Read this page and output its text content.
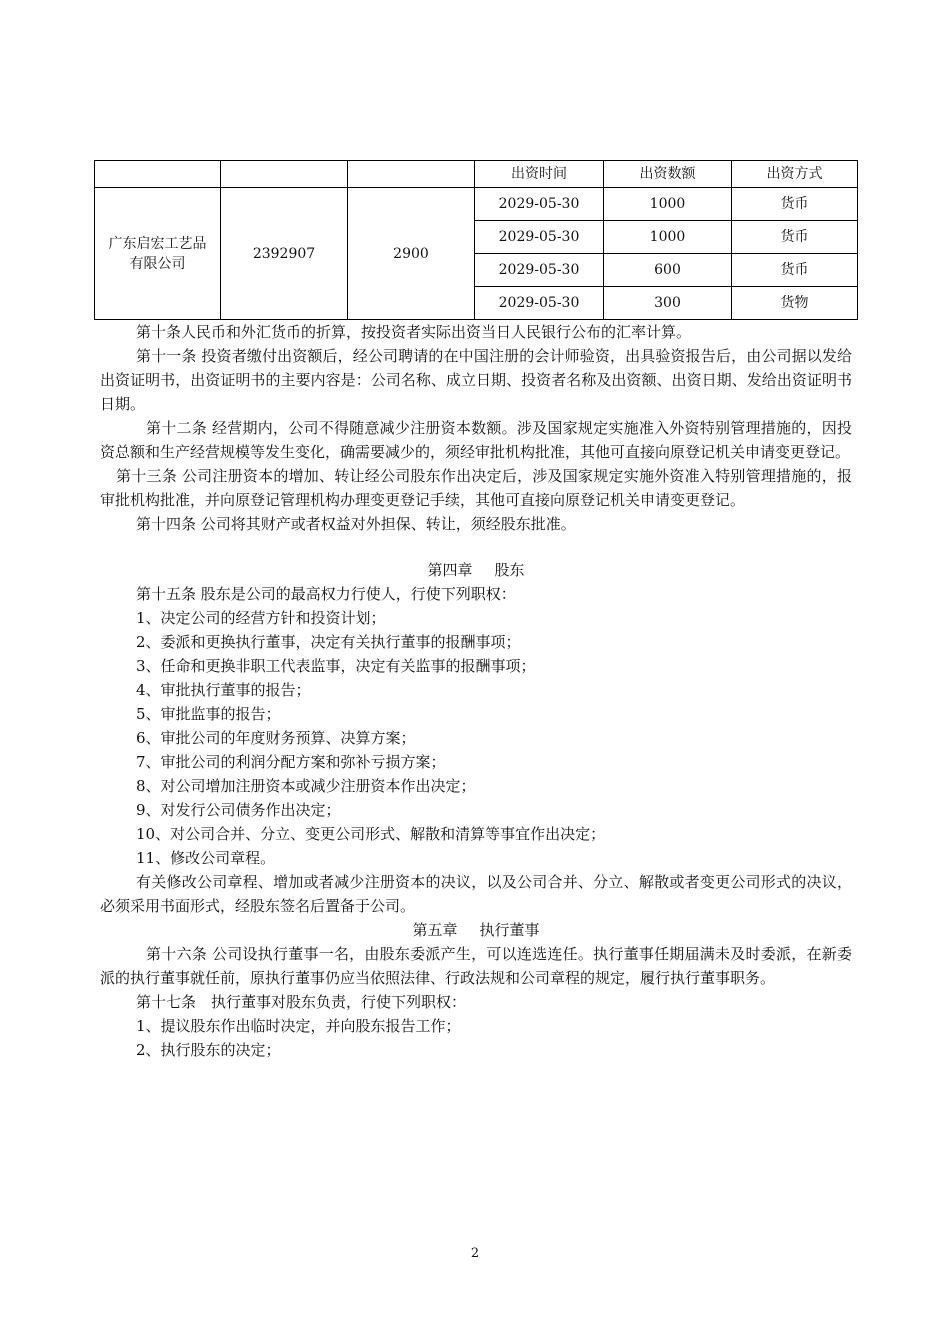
			出资时间	出资数额	出资方式
广东启宏工艺品有限公司	2392907	2900	2029-05-30	1000	货币
			2029-05-30	1000	货币
			2029-05-30	600	货币
			2029-05-30	300	货物

第十条人民币和外汇货币的折算，按投资者实际出资当日人民银行公布的汇率计算。

第十一条 投资者缴付出资额后，经公司聘请的在中国注册的会计师验资，出具验资报告后，由公司据以发给出资证明书，出资证明书的主要内容是：公司名称、成立日期、投资者名称及出资额、出资日期、发给出资证明书日期。

第十二条 经营期内，公司不得随意减少注册资本数额。涉及国家规定实施准入外资特别管理措施的，因投资总额和生产经营规模等发生变化，确需要减少的，须经审批机构批准，其他可直接向原登记机关申请变更登记。

第十三条 公司注册资本的增加、转让经公司股东作出决定后，涉及国家规定实施外资准入特别管理措施的，报审批机构批准，并向原登记管理机构办理变更登记手续，其他可直接向原登记机关申请变更登记。

第十四条 公司将其财产或者权益对外担保、转让，须经股东批准。

第四章 股东

第十五条 股东是公司的最高权力行使人，行使下列职权：

1、决定公司的经营方针和投资计划；

2、委派和更换执行董事，决定有关执行董事的报酬事项；

3、任命和更换非职工代表监事，决定有关监事的报酬事项；

4、审批执行董事的报告；

5、审批监事的报告；

6、审批公司的年度财务预算、决算方案；

7、审批公司的利润分配方案和弥补亏损方案；

8、对公司增加注册资本或减少注册资本作出决定；

9、对发行公司债务作出决定；

10、对公司合并、分立、变更公司形式、解散和清算等事宜作出决定；

11、修改公司章程。

有关修改公司章程、增加或者减少注册资本的决议，以及公司合并、分立、解散或者变更公司形式的决议，必须采用书面形式，经股东签名后置备于公司。

第五章 执行董事

第十六条 公司设执行董事一名，由股东委派产生，可以连选连任。执行董事任期届满未及时委派，在新委派的执行董事就任前，原执行董事仍应当依照法律、行政法规和公司章程的规定，履行执行董事职务。

第十七条　执行董事对股东负责，行使下列职权：

1、提议股东作出临时决定，并向股东报告工作；

2、执行股东的决定；

2
